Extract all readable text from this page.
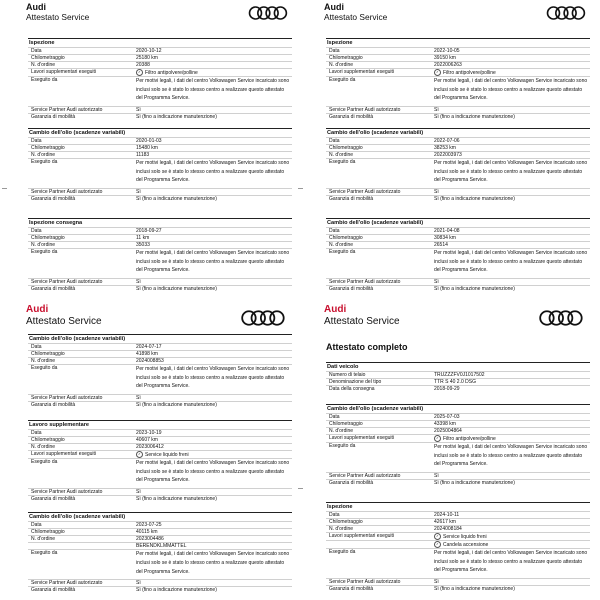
Audi
Attestato Service
Ispezione
Data	2020-10-12
Chilometraggio	25180 km
N. d'ordine	20388
Lavori supplementari eseguiti	✓ Filtro antipolvere/polline
Eseguito da	Per motivi legali, i dati del centro Volkswagen Service incaricato sono inclusi solo se è stato lo stesso centro a realizzare questo attestato del Programma Service.
Service Partner Audi autorizzato	Sì
Garanzia di mobilità	Sì (fino a indicazione manutenzione)
Cambio dell'olio (scadenze variabili)
Data	2020-01-03
Chilometraggio	15480 km
N. d'ordine	11183
Eseguito da	Per motivi legali, i dati del centro Volkswagen Service incaricato sono inclusi solo se è stato lo stesso centro a realizzare questo attestato del Programma Service.
Service Partner Audi autorizzato	Sì
Garanzia di mobilità	Sì (fino a indicazione manutenzione)
Ispezione consegna
Data	2018-09-27
Chilometraggio	11 km
N. d'ordine	35033
Eseguito da	Per motivi legali, i dati del centro Volkswagen Service incaricato sono inclusi solo se è stato lo stesso centro a realizzare questo attestato del Programma Service.
Service Partner Audi autorizzato	Sì
Garanzia di mobilità	Sì (fino a indicazione manutenzione)
Audi
Attestato Service
Ispezione
Data	2022-10-05
Chilometraggio	39150 km
N. d'ordine	2022006263
Lavori supplementari eseguiti	✓ Filtro antipolvere/polline
Eseguito da	Per motivi legali, i dati del centro Volkswagen Service incaricato sono inclusi solo se è stato lo stesso centro a realizzare questo attestato del Programma Service.
Service Partner Audi autorizzato	Sì
Garanzia di mobilità	Sì (fino a indicazione manutenzione)
Cambio dell'olio (scadenze variabili)
Data	2022-07-06
Chilometraggio	38253 km
N. d'ordine	2022003973
Eseguito da	Per motivi legali, i dati del centro Volkswagen Service incaricato sono inclusi solo se è stato lo stesso centro a realizzare questo attestato del Programma Service.
Service Partner Audi autorizzato	Sì
Garanzia di mobilità	Sì (fino a indicazione manutenzione)
Cambio dell'olio (scadenze variabili)
Data	2021-04-08
Chilometraggio	30834 km
N. d'ordine	26514
Eseguito da	Per motivi legali, i dati del centro Volkswagen Service incaricato sono inclusi solo se è stato lo stesso centro a realizzare questo attestato del Programma Service.
Service Partner Audi autorizzato	Sì
Garanzia di mobilità	Sì (fino a indicazione manutenzione)
Audi
Attestato Service
Cambio dell'olio (scadenze variabili)
Data	2024-07-17
Chilometraggio	41898 km
N. d'ordine	2024008853
Eseguito da	Per motivi legali, i dati del centro Volkswagen Service incaricato sono inclusi solo se è stato lo stesso centro a realizzare questo attestato del Programma Service.
Service Partner Audi autorizzato	Sì
Garanzia di mobilità	Sì (fino a indicazione manutenzione)
Lavoro supplementare
Data	2023-10-19
Chilometraggio	40607 km
N. d'ordine	2023006412
Lavori supplementari eseguiti	✓ Service liquido freni
Eseguito da	Per motivi legali, i dati del centro Volkswagen Service incaricato sono inclusi solo se è stato lo stesso centro a realizzare questo attestato del Programma Service.
Service Partner Audi autorizzato	Sì
Garanzia di mobilità	Sì (fino a indicazione manutenzione)
Cambio dell'olio (scadenze variabili)
Data	2023-07-25
Chilometraggio	40115 km
N. d'ordine	2023004486
BERENDKLMMATTEL
Eseguito da	Per motivi legali, i dati del centro Volkswagen Service incaricato sono inclusi solo se è stato lo stesso centro a realizzare questo attestato del Programma Service.
Service Partner Audi autorizzato	Sì
Garanzia di mobilità	Sì (fino a indicazione manutenzione)
Audi
Attestato Service
Attestato completo
Dati veicolo
Numero di telaio	TRUZZZFV0J1017502
Denominazione del tipo	TTR S 40 2.0 DSG
Data della consegna	2018-09-29
Cambio dell'olio (scadenze variabili)
Data	2025-07-03
Chilometraggio	43398 km
N. d'ordine	2025004864
Lavori supplementari eseguiti	✓ Filtro antipolvere/polline
Eseguito da	Per motivi legali, i dati del centro Volkswagen Service incaricato sono inclusi solo se è stato lo stesso centro a realizzare questo attestato del Programma Service.
Service Partner Audi autorizzato	Sì
Garanzia di mobilità	Sì (fino a indicazione manutenzione)
Ispezione
Data	2024-10-11
Chilometraggio	42617 km
N. d'ordine	2024008184
Lavori supplementari eseguiti	✓ Service liquido freni
✓ Candela accensione
Eseguito da	Per motivi legali, i dati del centro Volkswagen Service incaricato sono inclusi solo se è stato lo stesso centro a realizzare questo attestato del Programma Service.
Service Partner Audi autorizzato	Sì
Garanzia di mobilità	Sì (fino a indicazione manutenzione)
